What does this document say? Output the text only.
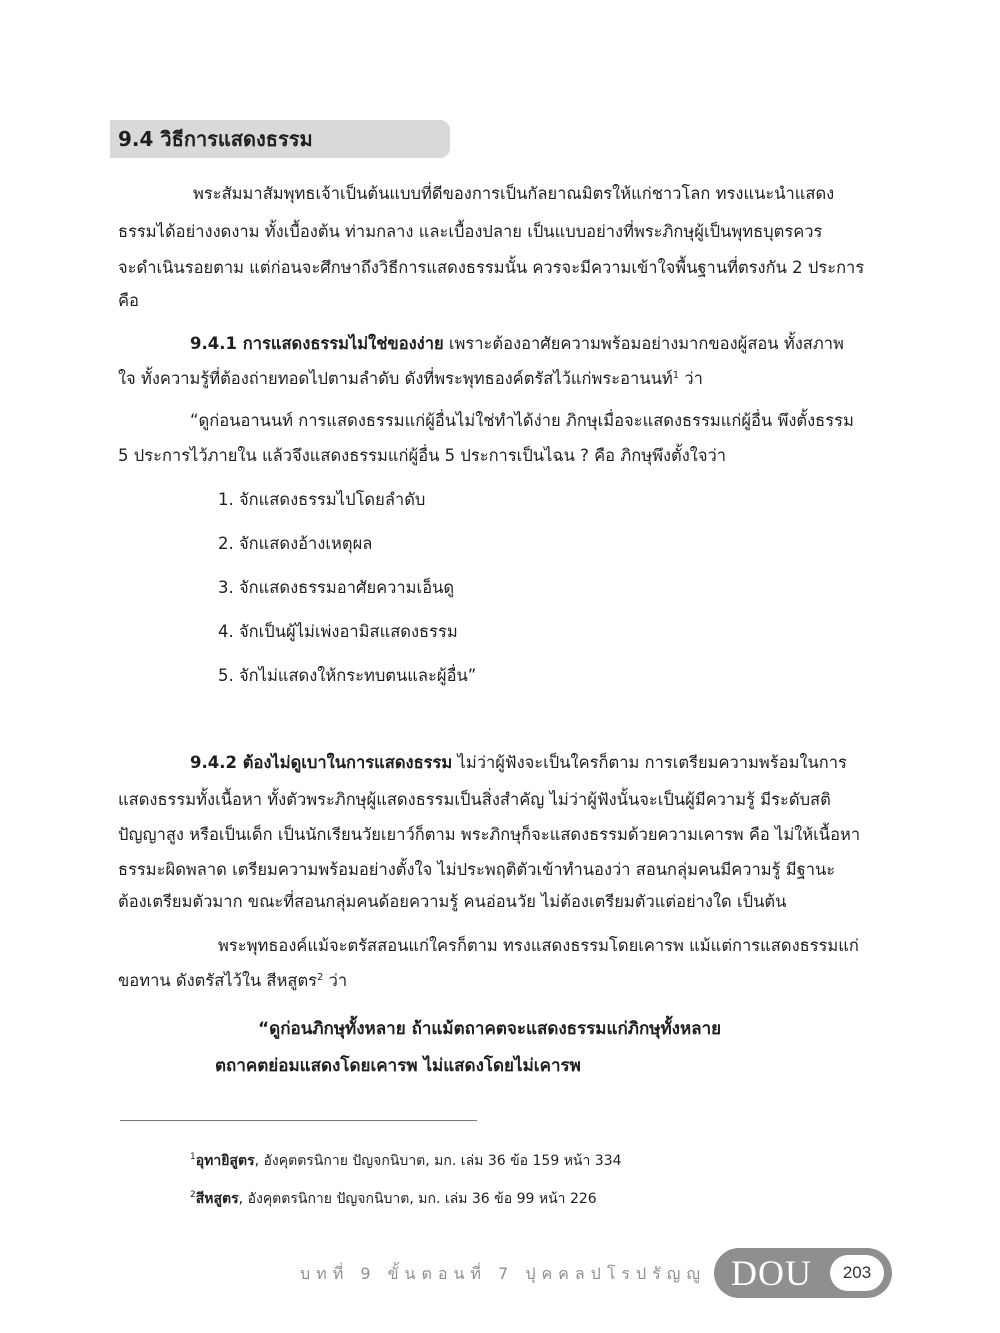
9.4 วิธีการแสดงธรรม
พระสัมมาสัมพุทธเจ้าเป็นต้นแบบที่ดีของการเป็นกัลยาณมิตรให้แก่ชาวโลก ทรงแนะนำแสดง
ธรรมได้อย่างงดงาม ทั้งเบื้องต้น ท่ามกลาง และเบื้องปลาย เป็นแบบอย่างที่พระภิกษุผู้เป็นพุทธบุตรควร
จะดำเนินรอยตาม แต่ก่อนจะศึกษาถึงวิธีการแสดงธรรมนั้น ควรจะมีความเข้าใจพื้นฐานที่ตรงกัน 2 ประการ
คือ
9.4.1 การแสดงธรรมไม่ใช่ของง่าย เพราะต้องอาศัยความพร้อมอย่างมากของผู้สอน ทั้งสภาพ
ใจ ทั้งความรู้ที่ต้องถ่ายทอดไปตามลำดับ ดังที่พระพุทธองค์ตรัสไว้แก่พระอานนท์$^1$ ว่า
“ดูก่อนอานนท์ การแสดงธรรมแก่ผู้อื่นไม่ใช่ทำได้ง่าย ภิกษุเมื่อจะแสดงธรรมแก่ผู้อื่น พึงตั้งธรรม
5 ประการไว้ภายใน แล้วจึงแสดงธรรมแก่ผู้อื่น 5 ประการเป็นไฉน ? คือ ภิกษุพึงตั้งใจว่า
1. จักแสดงธรรมไปโดยลำดับ
2. จักแสดงอ้างเหตุผล
3. จักแสดงธรรมอาศัยความเอ็นดู
4. จักเป็นผู้ไม่เพ่งอามิสแสดงธรรม
5. จักไม่แสดงให้กระทบตนและผู้อื่น”
9.4.2 ต้องไม่ดูเบาในการแสดงธรรม ไม่ว่าผู้ฟังจะเป็นใครก็ตาม การเตรียมความพร้อมในการ
แสดงธรรมทั้งเนื้อหา ทั้งตัวพระภิกษุผู้แสดงธรรมเป็นสิ่งสำคัญ ไม่ว่าผู้ฟังนั้นจะเป็นผู้มีความรู้ มีระดับสติ
ปัญญาสูง หรือเป็นเด็ก เป็นนักเรียนวัยเยาว์ก็ตาม พระภิกษุก็จะแสดงธรรมด้วยความเคารพ คือ ไม่ให้เนื้อหา
ธรรมะผิดพลาด เตรียมความพร้อมอย่างตั้งใจ ไม่ประพฤติตัวเข้าทำนองว่า สอนกลุ่มคนมีความรู้ มีฐานะ
ต้องเตรียมตัวมาก ขณะที่สอนกลุ่มคนด้อยความรู้ คนอ่อนวัย ไม่ต้องเตรียมตัวแต่อย่างใด เป็นต้น
พระพุทธองค์แม้จะตรัสสอนแก่ใครก็ตาม ทรงแสดงธรรมโดยเคารพ แม้แต่การแสดงธรรมแก่
ขอทาน ดังตรัสไว้ใน สีหสูตร$^2$ ว่า
“ดูก่อนภิกษุทั้งหลาย ถ้าแม้ตถาคตจะแสดงธรรมแก่ภิกษุทั้งหลาย
ตถาคตย่อมแสดงโดยเคารพ ไม่แสดงโดยไม่เคารพ
$^1$อุทายิสูตร, อังคุตตรนิกาย ปัญจกนิบาต, มก. เล่ม 36 ข้อ 159 หน้า 334
$^2$สีหสูตร, อังคุตตรนิกาย ปัญจกนิบาต, มก. เล่ม 36 ข้อ 99 หน้า 226
บทที่ 9 ขั้นตอนที่ 7 ปุคคลปโรปรัญญู DOU	203
